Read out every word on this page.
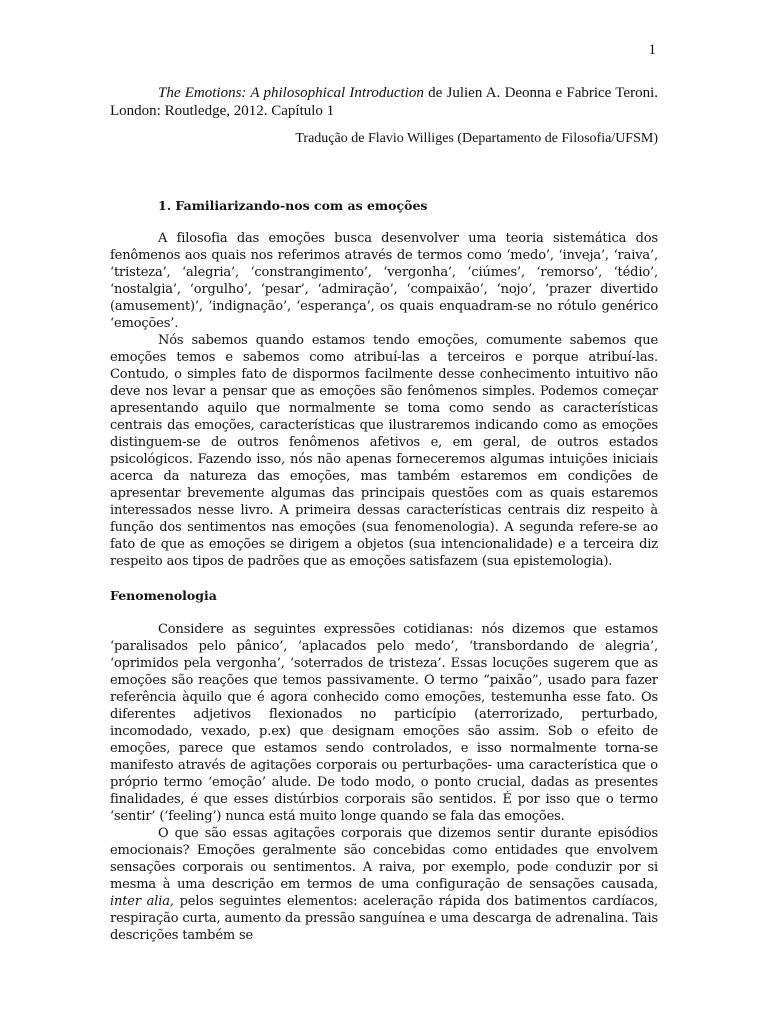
1

The Emotions: A philosophical Introduction de Julien A. Deonna e Fabrice Teroni. London: Routledge, 2012. Capítulo 1

Tradução de Flavio Williges (Departamento de Filosofia/UFSM)

1. Familiarizando-nos com as emoções

A filosofia das emoções busca desenvolver uma teoria sistemática dos fenômenos aos quais nos referimos através de termos como ‘medo’, ‘inveja’, ‘raiva’, ‘tristeza’, ‘alegria’, ‘constrangimento’, ‘vergonha’, ‘ciúmes’, ‘remorso’, ‘tédio’, ‘nostalgia’, ‘orgulho’, ‘pesar’, ‘admiração’, ‘compaixão’, ‘nojo’, ‘prazer divertido (amusement)’, ‘indignação’, ‘esperança’, os quais enquadram-se no rótulo genérico ‘emoções’.

Nós sabemos quando estamos tendo emoções, comumente sabemos que emoções temos e sabemos como atribuí-las a terceiros e porque atribuí-las. Contudo, o simples fato de dispormos facilmente desse conhecimento intuitivo não deve nos levar a pensar que as emoções são fenômenos simples. Podemos começar apresentando aquilo que normalmente se toma como sendo as características centrais das emoções, características que ilustraremos indicando como as emoções distinguem-se de outros fenômenos afetivos e, em geral, de outros estados psicológicos. Fazendo isso, nós não apenas forneceremos algumas intuições iniciais acerca da natureza das emoções, mas também estaremos em condições de apresentar brevemente algumas das principais questões com as quais estaremos interessados nesse livro. A primeira dessas características centrais diz respeito à função dos sentimentos nas emoções (sua fenomenologia). A segunda refere-se ao fato de que as emoções se dirigem a objetos (sua intencionalidade) e a terceira diz respeito aos tipos de padrões que as emoções satisfazem (sua epistemologia).

Fenomenologia

Considere as seguintes expressões cotidianas: nós dizemos que estamos ‘paralisados pelo pânico’, ‘aplacados pelo medo’, ‘transbordando de alegria’, ‘oprimidos pela vergonha’, ‘soterrados de tristeza’. Essas locuções sugerem que as emoções são reações que temos passivamente. O termo “paixão”, usado para fazer referência àquilo que é agora conhecido como emoções, testemunha esse fato. Os diferentes adjetivos flexionados no particípio (aterrorizado, perturbado, incomodado, vexado, p.ex) que designam emoções são assim. Sob o efeito de emoções, parece que estamos sendo controlados, e isso normalmente torna-se manifesto através de agitações corporais ou perturbações- uma característica que o próprio termo ‘emoção’ alude. De todo modo, o ponto crucial, dadas as presentes finalidades, é que esses distúrbios corporais são sentidos. É por isso que o termo ‘sentir’ (‘feeling’) nunca está muito longe quando se fala das emoções.

O que são essas agitações corporais que dizemos sentir durante episódios emocionais? Emoções geralmente são concebidas como entidades que envolvem sensações corporais ou sentimentos. A raiva, por exemplo, pode conduzir por si mesma à uma descrição em termos de uma configuração de sensações causada, inter alia, pelos seguintes elementos: aceleração rápida dos batimentos cardíacos, respiração curta, aumento da pressão sanguínea e uma descarga de adrenalina. Tais descrições também se
